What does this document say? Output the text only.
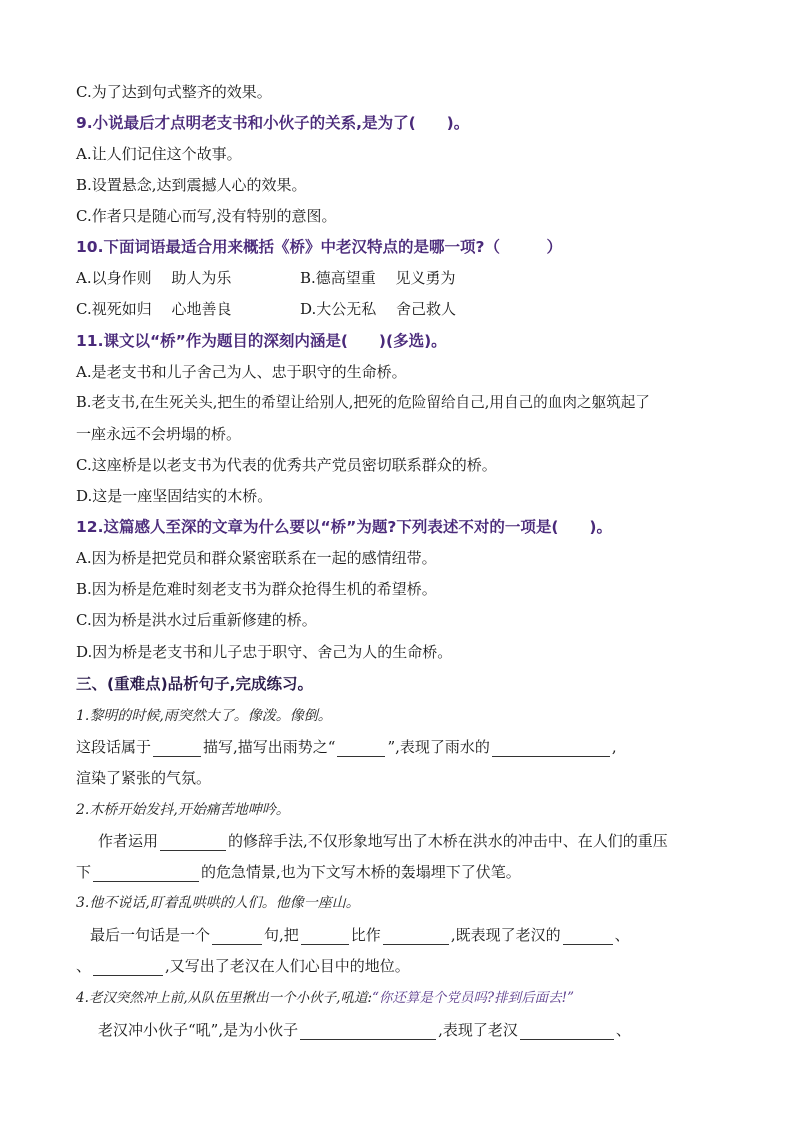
C.为了达到句式整齐的效果。
9.小说最后才点明老支书和小伙子的关系,是为了(　　)。
A.让人们记住这个故事。
B.设置悬念,达到震撼人心的效果。
C.作者只是随心而写,没有特别的意图。
10.下面词语最适合用来概括《桥》中老汉特点的是哪一项?（　　　）
A.以身作则　 助人为乐	B.德高望重　 见义勇为
C.视死如归　 心地善良	D.大公无私　 舍己救人
11.课文以“桥”作为题目的深刻内涵是(　　)(多选)。
A.是老支书和儿子舍己为人、忠于职守的生命桥。
B.老支书,在生死关头,把生的希望让给别人,把死的危险留给自己,用自己的血肉之躯筑起了
一座永远不会坍塌的桥。
C.这座桥是以老支书为代表的优秀共产党员密切联系群众的桥。
D.这是一座坚固结实的木桥。
12.这篇感人至深的文章为什么要以“桥”为题?下列表述不对的一项是(　　)。
A.因为桥是把党员和群众紧密联系在一起的感情纽带。
B.因为桥是危难时刻老支书为群众抢得生机的希望桥。
C.因为桥是洪水过后重新修建的桥。
D.因为桥是老支书和儿子忠于职守、舍己为人的生命桥。
三、(重难点)品析句子,完成练习。
1.黎明的时候,雨突然大了。像泼。像倒。
这段话属于	描写,描写出雨势之“	”,表现了雨水的	,
渲染了紧张的气氛。
2.木桥开始发抖,开始痛苦地呻吟。
作者运用	的修辞手法,不仅形象地写出了木桥在洪水的冲击中、在人们的重压
下	的危急情景,也为下文写木桥的轰塌埋下了伏笔。
3.他不说话,盯着乱哄哄的人们。他像一座山。
最后一句话是一个	句,把	比作	,既表现了老汉的	、
、	,又写出了老汉在人们心目中的地位。
4.老汉突然冲上前,从队伍里揪出一个小伙子,吼道:“你还算是个党员吗?排到后面去!”
老汉冲小伙子“吼”,是为小伙子	,表现了老汉	、
